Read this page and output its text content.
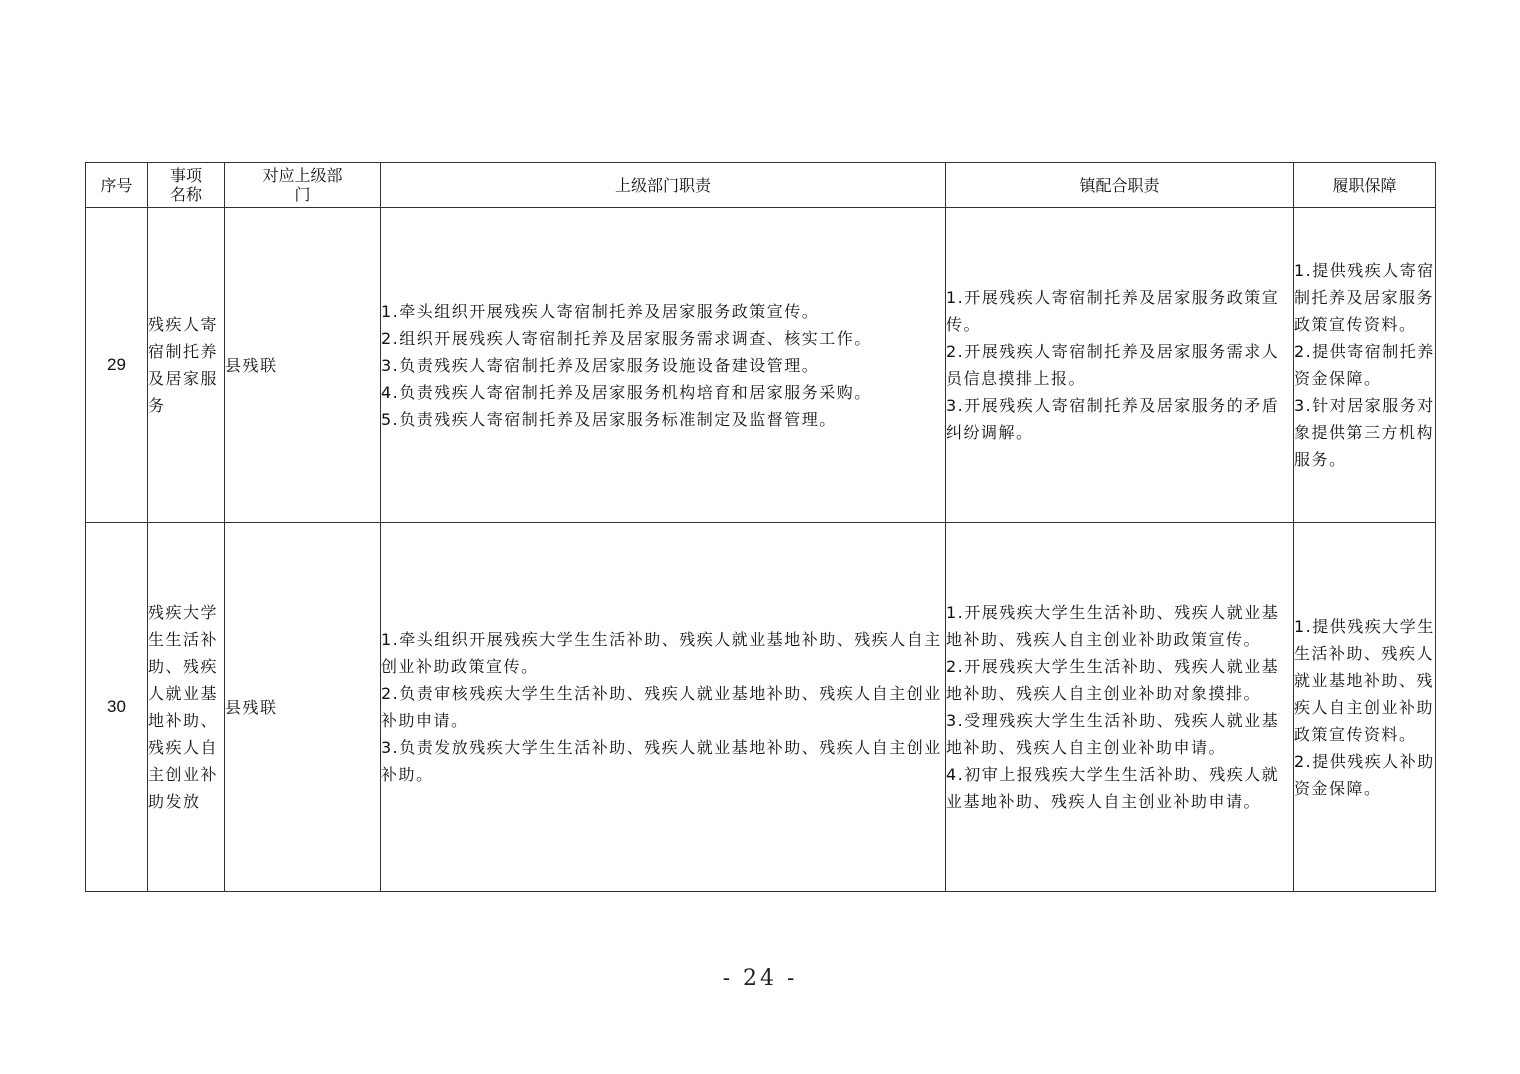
序号	事项名称	对应上级部门	上级部门职责	镇配合职责	履职保障

29	残疾人寄宿制托养及居家服务	县残联	1.牵头组织开展残疾人寄宿制托养及居家服务政策宣传。
2.组织开展残疾人寄宿制托养及居家服务需求调查、核实工作。
3.负责残疾人寄宿制托养及居家服务设施设备建设管理。
4.负责残疾人寄宿制托养及居家服务机构培育和居家服务采购。
5.负责残疾人寄宿制托养及居家服务标准制定及监督管理。	1.开展残疾人寄宿制托养及居家服务政策宣传。
2.开展残疾人寄宿制托养及居家服务需求人员信息摸排上报。
3.开展残疾人寄宿制托养及居家服务的矛盾纠纷调解。	1.提供残疾人寄宿制托养及居家服务政策宣传资料。
2.提供寄宿制托养资金保障。
3.针对居家服务对象提供第三方机构服务。

30	残疾大学生生活补助、残疾人就业基地补助、残疾人自主创业补助发放	县残联	1.牵头组织开展残疾大学生生活补助、残疾人就业基地补助、残疾人自主创业补助政策宣传。
2.负责审核残疾大学生生活补助、残疾人就业基地补助、残疾人自主创业补助申请。
3.负责发放残疾大学生生活补助、残疾人就业基地补助、残疾人自主创业补助。	1.开展残疾大学生生活补助、残疾人就业基地补助、残疾人自主创业补助政策宣传。
2.开展残疾大学生生活补助、残疾人就业基地补助、残疾人自主创业补助对象摸排。
3.受理残疾大学生生活补助、残疾人就业基地补助、残疾人自主创业补助申请。
4.初审上报残疾大学生生活补助、残疾人就业基地补助、残疾人自主创业补助申请。	1.提供残疾大学生生活补助、残疾人就业基地补助、残疾人自主创业补助政策宣传资料。
2.提供残疾人补助资金保障。
- 24 -
